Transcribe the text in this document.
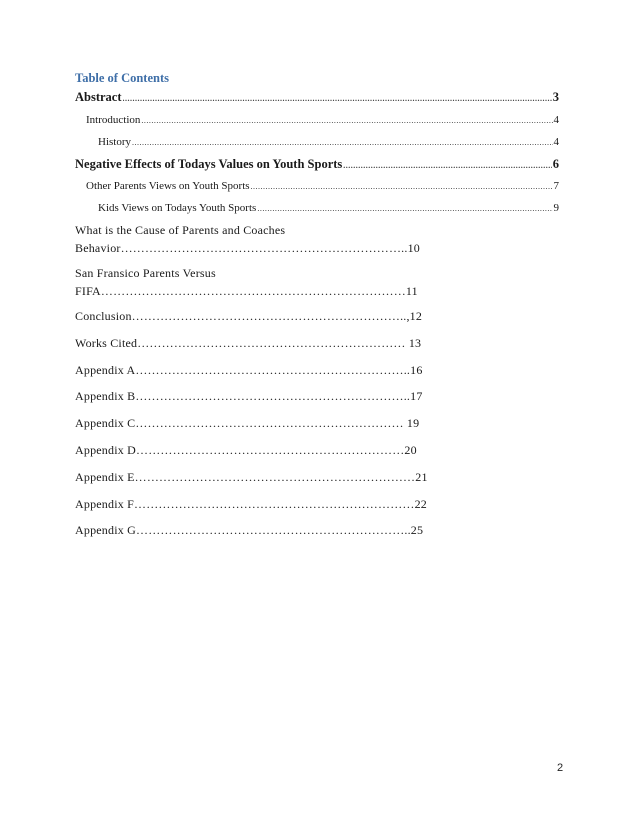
Table of Contents
Abstract .....	3
Introduction .....	4
History .....	4
Negative Effects of Todays Values on Youth Sports .....	6
Other Parents Views on Youth Sports .....	7
Kids Views on Todays Youth Sports .....	9
What is the Cause of Parents and Coaches
Behavior……………………………………………………………..10
San Fransico Parents Versus
FIFA…………………………………………………………………11
Conclusion…………………………………………………………..,12
Works Cited………………………………………………………… 13
Appendix A…………………………………………………………..16
Appendix B…………………………………………………………..17
Appendix C………………………………………………………… 19
Appendix D…………………………………………………………20
Appendix E……………………………………………………………21
Appendix F……………………………………………………………22
Appendix G…………………………………………………………..25
2
